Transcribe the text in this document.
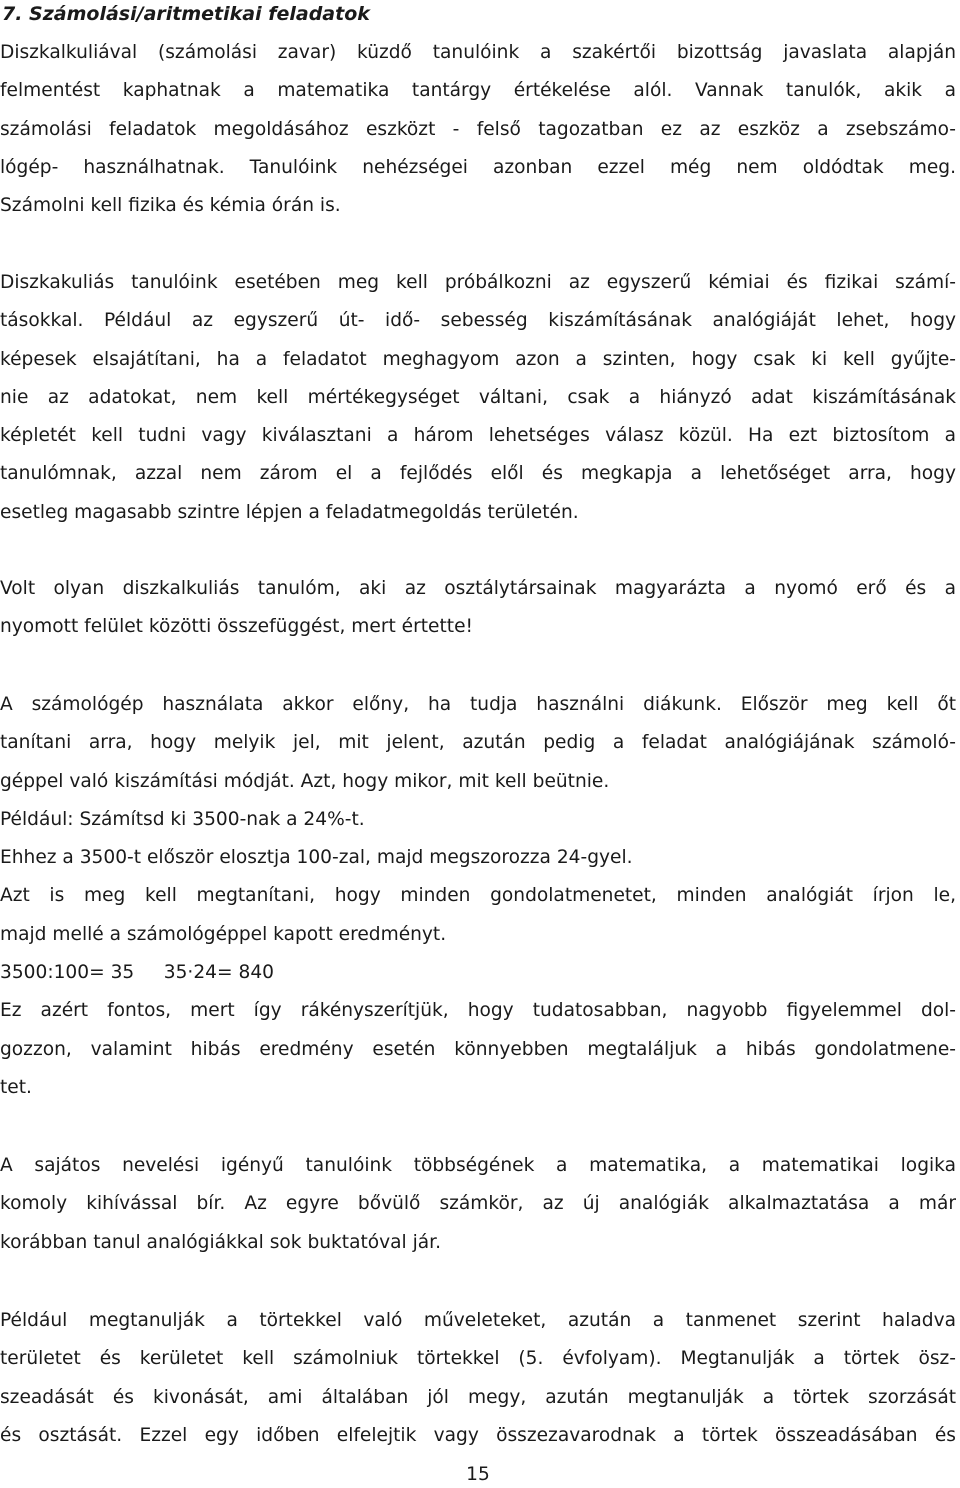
7. Számolási/aritmetikai feladatok
Diszkalkuliával (számolási zavar) küzdő tanulóink a szakértői bizottság javaslata alapján
felmentést kaphatnak a matematika tantárgy értékelése alól. Vannak tanulók, akik a
számolási feladatok megoldásához eszközt - felső tagozatban ez az eszköz a zsebszámo-
lógép- használhatnak. Tanulóink nehézségei azonban ezzel még nem oldódtak meg.
Számolni kell fizika és kémia órán is.
Diszkakuliás tanulóink esetében meg kell próbálkozni az egyszerű kémiai és fizikai számí-
tásokkal. Például az egyszerű út- idő- sebesség kiszámításának analógiáját lehet, hogy
képesek elsajátítani, ha a feladatot meghagyom azon a szinten, hogy csak ki kell gyűjte-
nie az adatokat, nem kell mértékegységet váltani, csak a hiányzó adat kiszámításának
képletét kell tudni vagy kiválasztani a három lehetséges válasz közül. Ha ezt biztosítom a
tanulómnak, azzal nem zárom el a fejlődés elől és megkapja a lehetőséget arra, hogy
esetleg magasabb szintre lépjen a feladatmegoldás területén.
Volt olyan diszkalkuliás tanulóm, aki az osztálytársainak magyarázta a nyomó erő és a
nyomott felület közötti összefüggést, mert értette!
A számológép használata akkor előny, ha tudja használni diákunk. Először meg kell őt
tanítani arra, hogy melyik jel, mit jelent, azután pedig a feladat analógiájának számoló-
géppel való kiszámítási módját. Azt, hogy mikor, mit kell beütnie.
Például: Számítsd ki 3500-nak a 24%-t.
Ehhez a 3500-t először elosztja 100-zal, majd megszorozza 24-gyel.
Azt is meg kell megtanítani, hogy minden gondolatmenetet, minden analógiát írjon le,
majd mellé a számológéppel kapott eredményt.
3500:100= 35     35·24= 840
Ez azért fontos, mert így rákényszerítjük, hogy tudatosabban, nagyobb figyelemmel dol-
gozzon, valamint hibás eredmény esetén könnyebben megtaláljuk a hibás gondolatmene-
tet.
A sajátos nevelési igényű tanulóink többségének a matematika, a matematikai logika
komoly kihívással bír. Az egyre bővülő számkör, az új analógiák alkalmaztatása a már
korábban tanul analógiákkal sok buktatóval jár.
Például megtanulják a törtekkel való műveleteket, azután a tanmenet szerint haladva
területet és kerületet kell számolniuk törtekkel (5. évfolyam). Megtanulják a törtek ösz-
szeadását és kivonását, ami általában jól megy, azután megtanulják a törtek szorzását
és osztását. Ezzel egy időben elfelejtik vagy összezavarodnak a törtek összeadásában és
15
